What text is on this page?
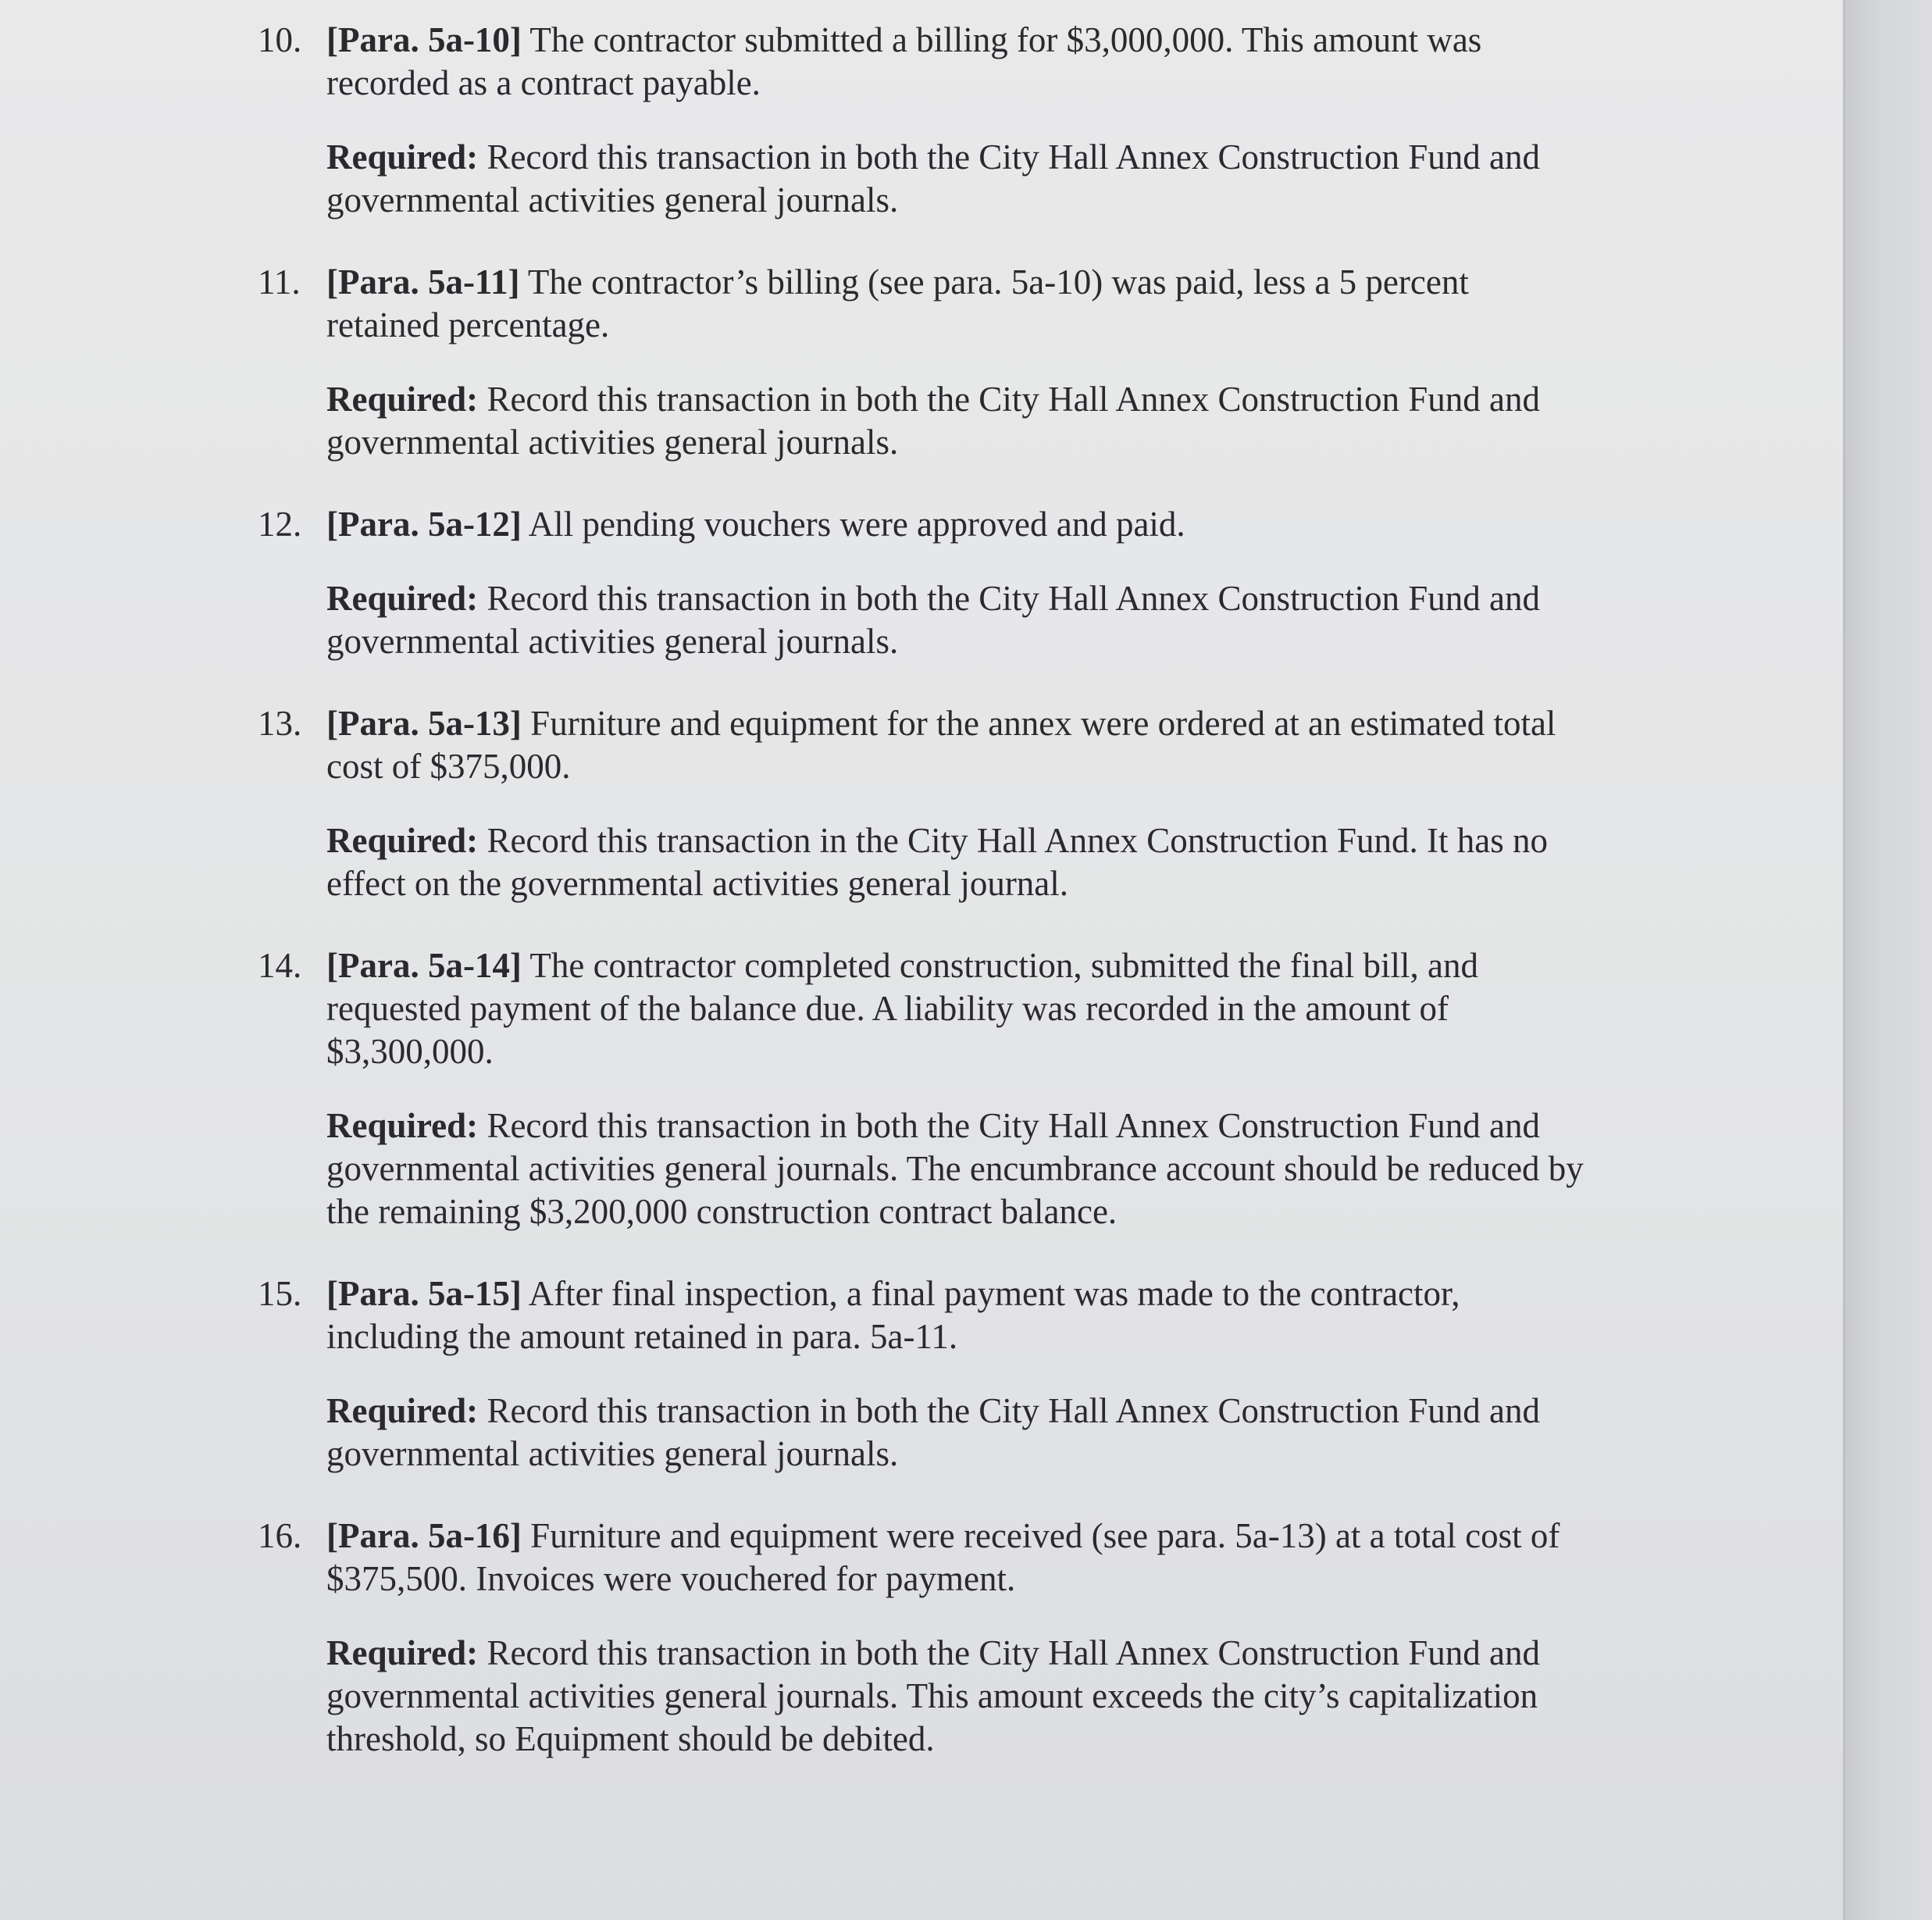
10. [Para. 5a-10] The contractor submitted a billing for $3,000,000. This amount was recorded as a contract payable.

Required: Record this transaction in both the City Hall Annex Construction Fund and governmental activities general journals.

11. [Para. 5a-11] The contractor’s billing (see para. 5a-10) was paid, less a 5 percent retained percentage.

Required: Record this transaction in both the City Hall Annex Construction Fund and governmental activities general journals.

12. [Para. 5a-12] All pending vouchers were approved and paid.

Required: Record this transaction in both the City Hall Annex Construction Fund and governmental activities general journals.

13. [Para. 5a-13] Furniture and equipment for the annex were ordered at an estimated total cost of $375,000.

Required: Record this transaction in the City Hall Annex Construction Fund. It has no effect on the governmental activities general journal.

14. [Para. 5a-14] The contractor completed construction, submitted the final bill, and requested payment of the balance due. A liability was recorded in the amount of $3,300,000.

Required: Record this transaction in both the City Hall Annex Construction Fund and governmental activities general journals. The encumbrance account should be reduced by the remaining $3,200,000 construction contract balance.

15. [Para. 5a-15] After final inspection, a final payment was made to the contractor, including the amount retained in para. 5a-11.

Required: Record this transaction in both the City Hall Annex Construction Fund and governmental activities general journals.

16. [Para. 5a-16] Furniture and equipment were received (see para. 5a-13) at a total cost of $375,500. Invoices were vouchered for payment.

Required: Record this transaction in both the City Hall Annex Construction Fund and governmental activities general journals. This amount exceeds the city’s capitalization threshold, so Equipment should be debited.
